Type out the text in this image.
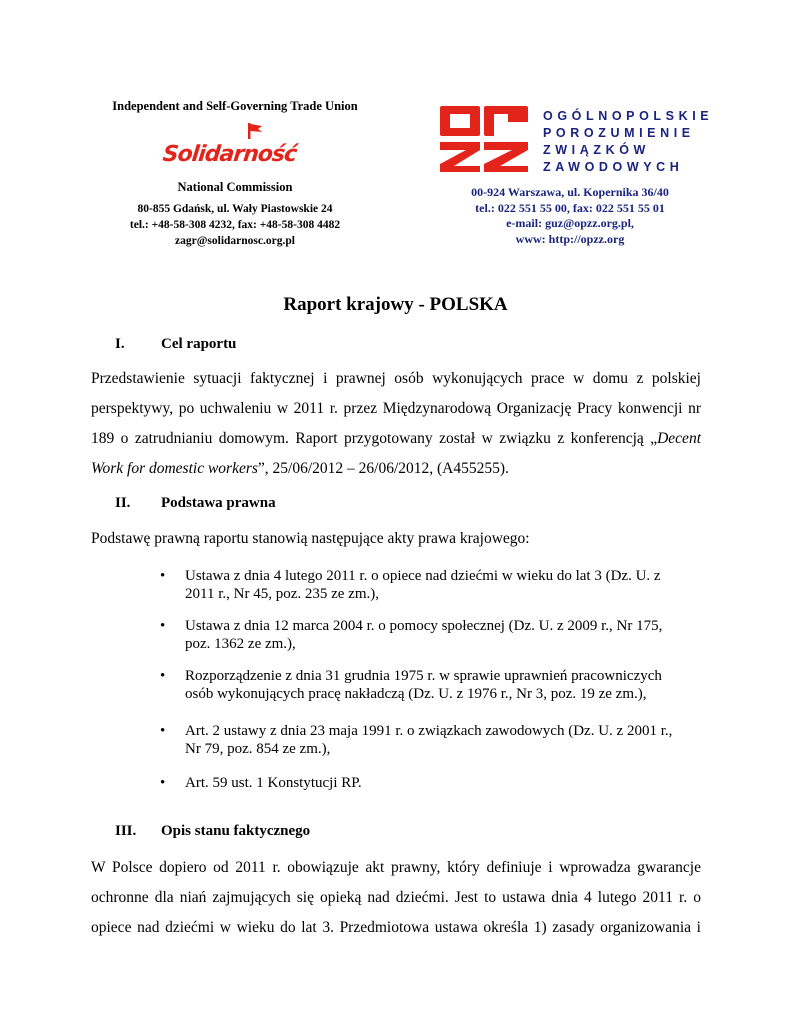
Independent and Self-Governing Trade Union
Solidarność
National Commission
80-855 Gdańsk, ul. Wały Piastowskie 24
tel.: +48-58-308 4232, fax: +48-58-308 4482
zagr@solidarnosc.org.pl
OGÓLNOPOLSKIE
POROZUMIENIE
ZWIĄZKÓW
ZAWODOWYCH
00-924 Warszawa, ul. Kopernika 36/40
tel.: 022 551 55 00, fax: 022 551 55 01
e-mail: guz@opzz.org.pl,
www: http://opzz.org
Raport krajowy - POLSKA
I. Cel raportu
Przedstawienie sytuacji faktycznej i prawnej osób wykonujących prace w domu z polskiej
perspektywy, po uchwaleniu w 2011 r. przez Międzynarodową Organizację Pracy konwencji nr
189 o zatrudnianiu domowym. Raport przygotowany został w związku z konferencją „Decent
Work for domestic workers”, 25/06/2012 – 26/06/2012, (A455255).
II. Podstawa prawna
Podstawę prawną raportu stanowią następujące akty prawa krajowego:
• Ustawa z dnia 4 lutego 2011 r. o opiece nad dziećmi w wieku do lat 3 (Dz. U. z
2011 r., Nr 45, poz. 235 ze zm.),
• Ustawa z dnia 12 marca 2004 r. o pomocy społecznej (Dz. U. z 2009 r., Nr 175,
poz. 1362 ze zm.),
• Rozporządzenie z dnia 31 grudnia 1975 r. w sprawie uprawnień pracowniczych
osób wykonujących pracę nakładczą (Dz. U. z 1976 r., Nr 3, poz. 19 ze zm.),
• Art. 2 ustawy z dnia 23 maja 1991 r. o związkach zawodowych (Dz. U. z 2001 r.,
Nr 79, poz. 854 ze zm.),
• Art. 59 ust. 1 Konstytucji RP.
III. Opis stanu faktycznego
W Polsce dopiero od 2011 r. obowiązuje akt prawny, który definiuje i wprowadza gwarancje
ochronne dla niań zajmujących się opieką nad dziećmi. Jest to ustawa dnia 4 lutego 2011 r. o
opiece nad dziećmi w wieku do lat 3. Przedmiotowa ustawa określa 1) zasady organizowania i
